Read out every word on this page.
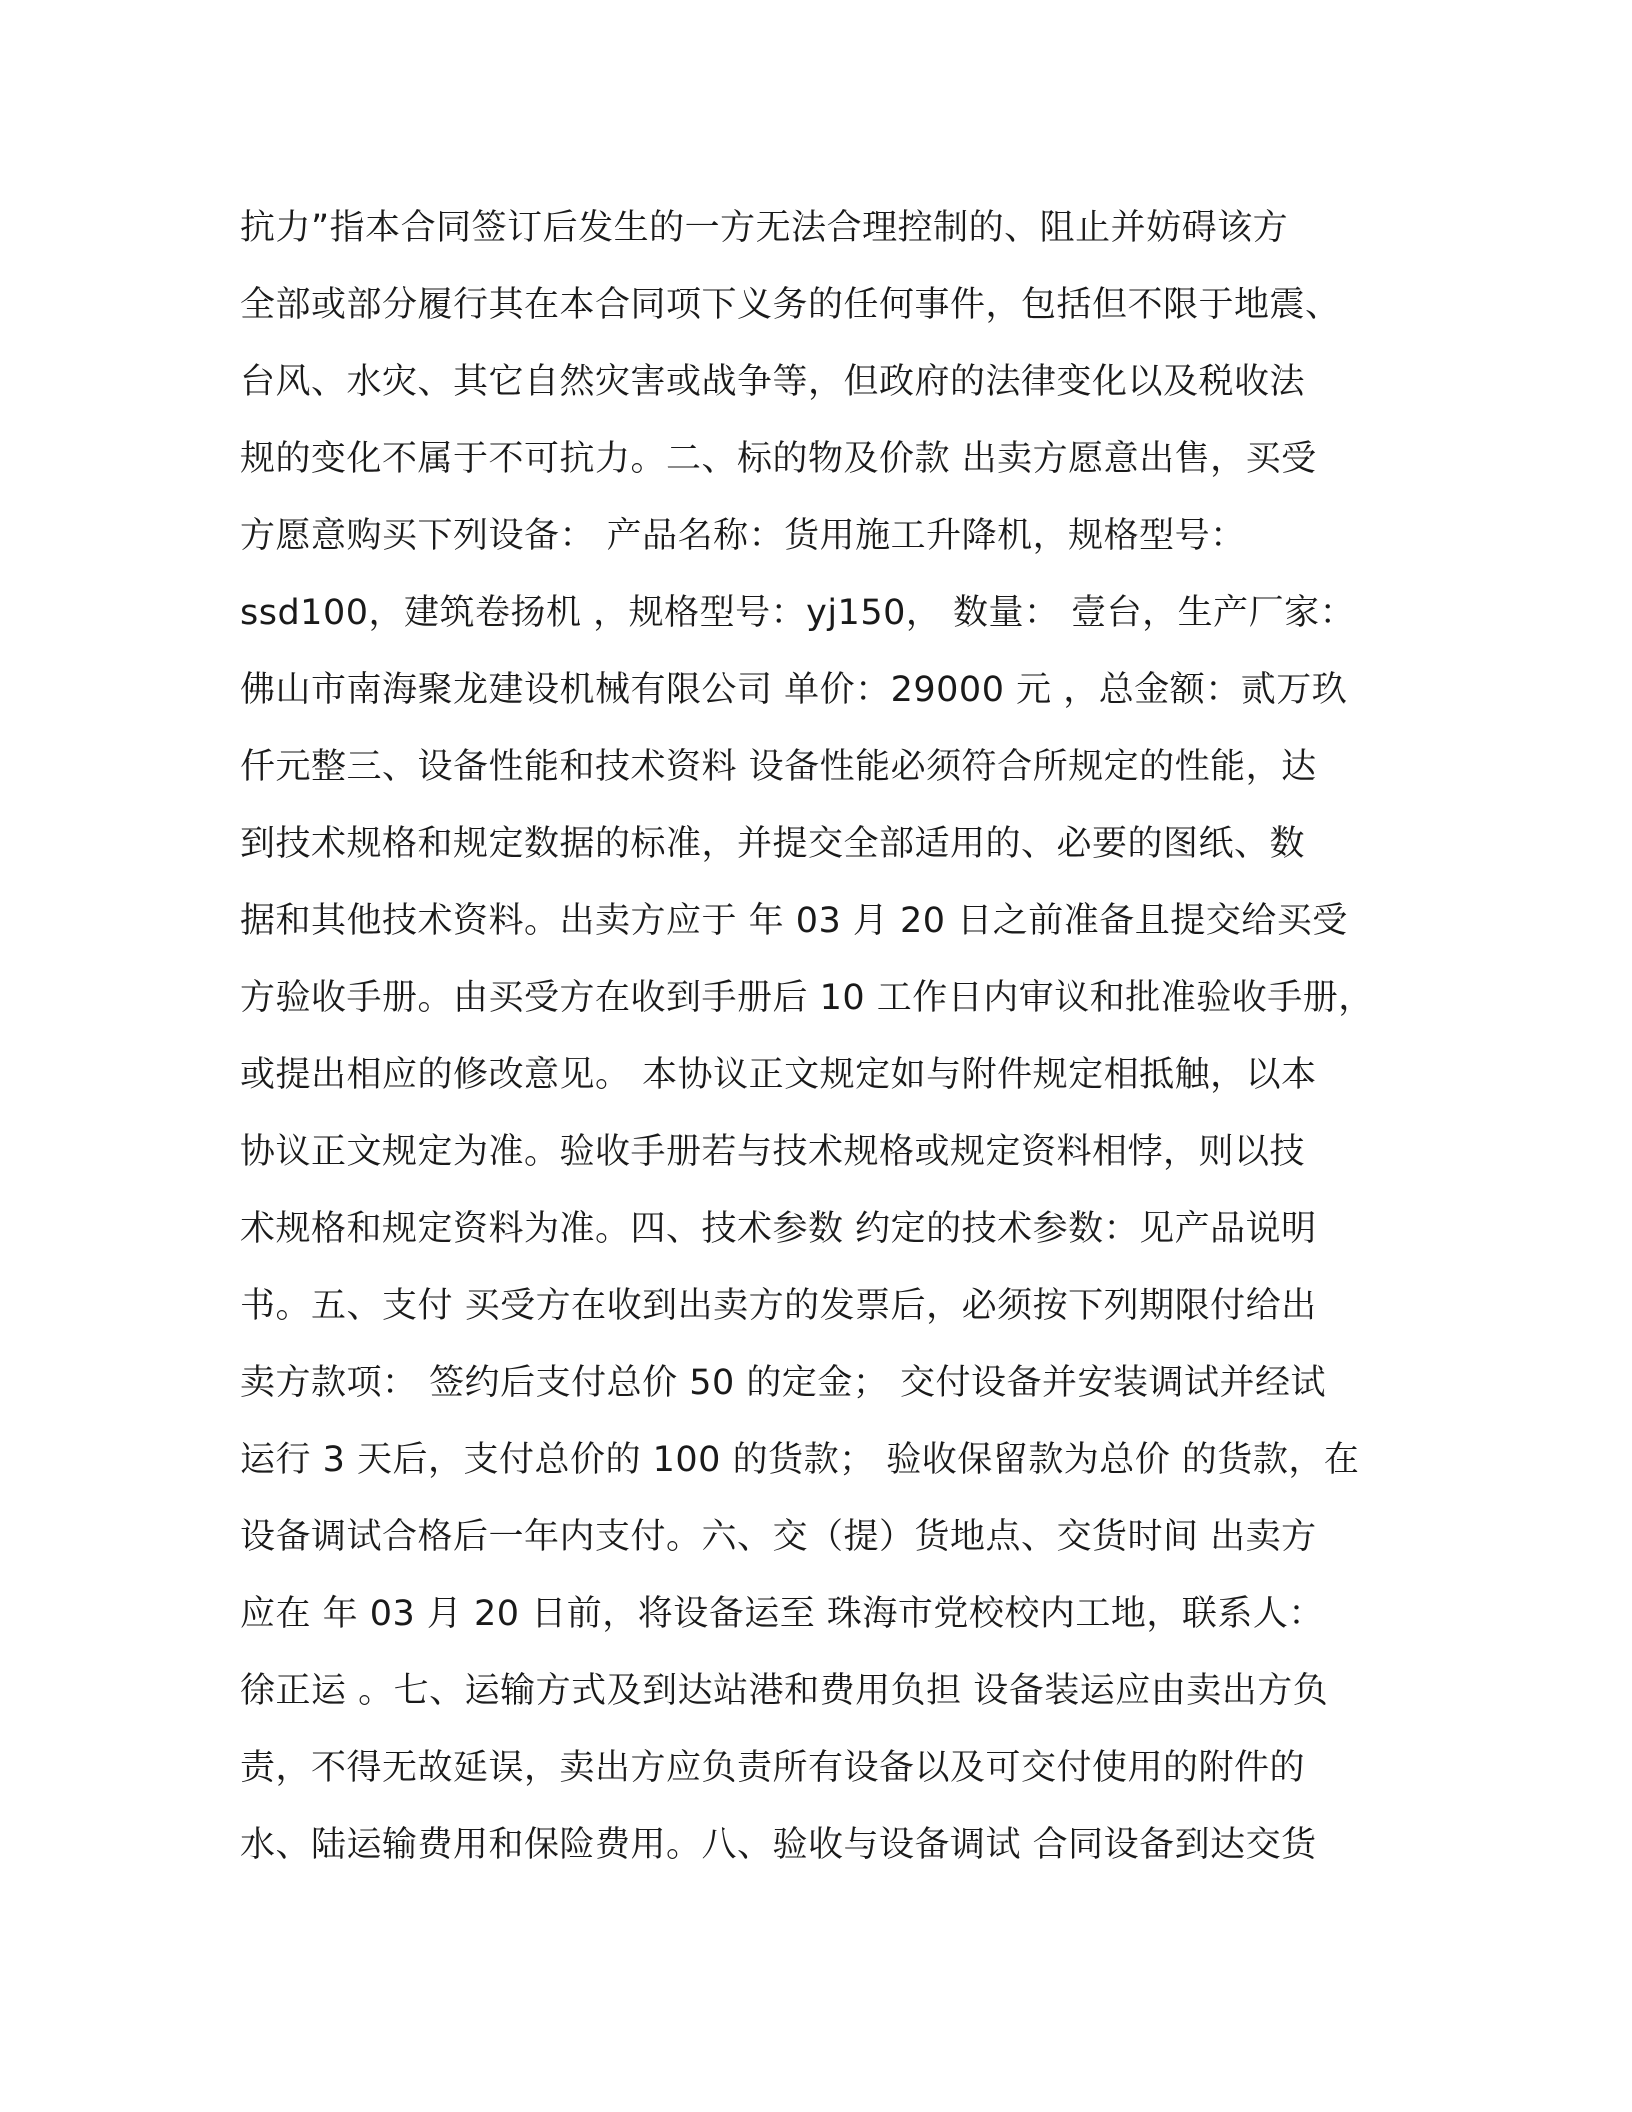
抗力”指本合同签订后发生的一方无法合理控制的、阻止并妨碍该方
全部或部分履行其在本合同项下义务的任何事件，包括但不限于地震、
台风、水灾、其它自然灾害或战争等，但政府的法律变化以及税收法
规的变化不属于不可抗力。二、标的物及价款 出卖方愿意出售，买受
方愿意购买下列设备： 产品名称：货用施工升降机，规格型号：
ssd100，建筑卷扬机 ，规格型号：yj150， 数量： 壹台，生产厂家：
佛山市南海聚龙建设机械有限公司 单价：29000 元 ，总金额：贰万玖
仟元整三、设备性能和技术资料 设备性能必须符合所规定的性能，达
到技术规格和规定数据的标准，并提交全部适用的、必要的图纸、数
据和其他技术资料。出卖方应于 年 03 月 20 日之前准备且提交给买受
方验收手册。由买受方在收到手册后 10 工作日内审议和批准验收手册，
或提出相应的修改意见。 本协议正文规定如与附件规定相抵触，以本
协议正文规定为准。验收手册若与技术规格或规定资料相悖，则以技
术规格和规定资料为准。四、技术参数 约定的技术参数：见产品说明
书。五、支付 买受方在收到出卖方的发票后，必须按下列期限付给出
卖方款项： 签约后支付总价 50 的定金； 交付设备并安装调试并经试
运行 3 天后，支付总价的 100 的货款； 验收保留款为总价 的货款，在
设备调试合格后一年内支付。六、交（提）货地点、交货时间 出卖方
应在 年 03 月 20 日前，将设备运至 珠海市党校校内工地，联系人：
徐正运 。七、运输方式及到达站港和费用负担 设备装运应由卖出方负
责，不得无故延误，卖出方应负责所有设备以及可交付使用的附件的
水、陆运输费用和保险费用。八、验收与设备调试 合同设备到达交货
